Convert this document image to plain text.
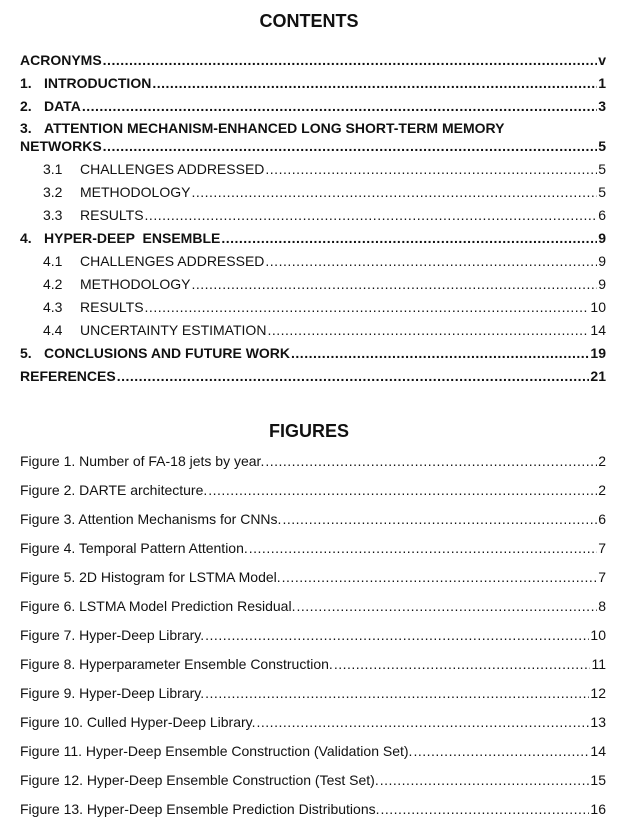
CONTENTS
ACRONYMS .....	v
1. INTRODUCTION .....	1
2. DATA .....	3
3. ATTENTION MECHANISM-ENHANCED LONG SHORT-TERM MEMORY
NETWORKS .....	5
3.1	CHALLENGES ADDRESSED .....	5
3.2	METHODOLOGY .....	5
3.3	RESULTS .....	6
4. HYPER-DEEP  ENSEMBLE .....	9
4.1	CHALLENGES ADDRESSED .....	9
4.2	METHODOLOGY .....	9
4.3	RESULTS .....	10
4.4	UNCERTAINTY ESTIMATION .....	14
5. CONCLUSIONS AND FUTURE WORK .....	19
REFERENCES .....	21
FIGURES
Figure 1. Number of FA-18 jets by year. .....	2
Figure 2. DARTE architecture. .....	2
Figure 3. Attention Mechanisms for CNNs. .....	6
Figure 4. Temporal Pattern Attention. .....	7
Figure 5. 2D Histogram for LSTMA Model. .....	7
Figure 6. LSTMA Model Prediction Residual. .....	8
Figure 7. Hyper-Deep Library. .....	10
Figure 8. Hyperparameter Ensemble Construction. .....	11
Figure 9. Hyper-Deep Library. .....	12
Figure 10. Culled Hyper-Deep Library. .....	13
Figure 11. Hyper-Deep Ensemble Construction (Validation Set). .....	14
Figure 12. Hyper-Deep Ensemble Construction (Test Set). .....	15
Figure 13. Hyper-Deep Ensemble Prediction Distributions. .....	16
